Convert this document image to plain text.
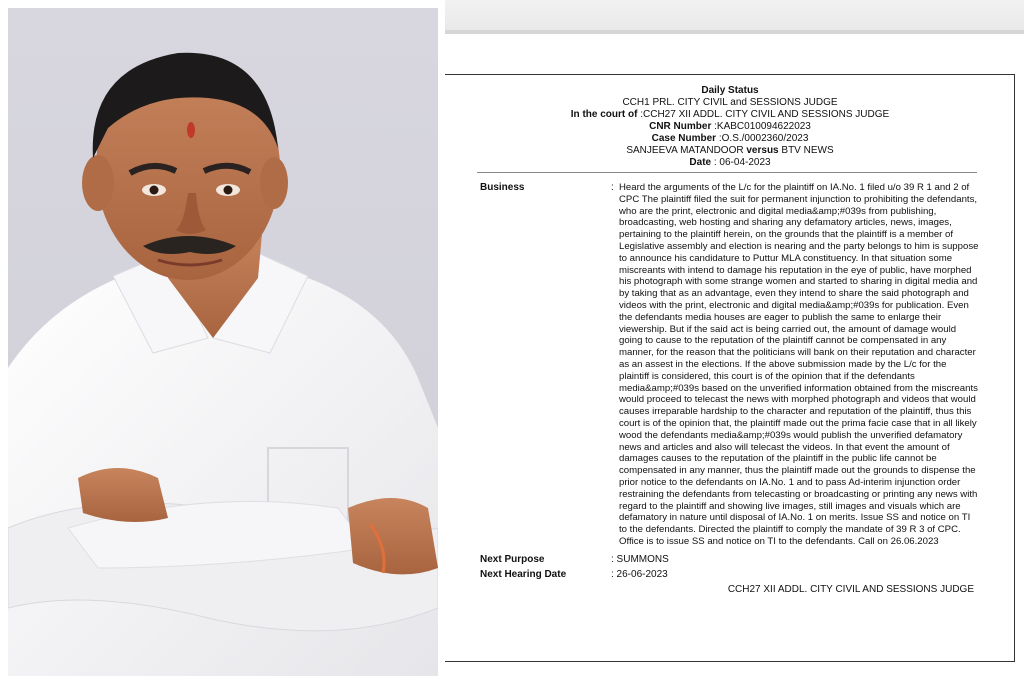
Daily Status
CCH1 PRL. CITY CIVIL and SESSIONS JUDGE
In the court of :CCH27 XII ADDL. CITY CIVIL AND SESSIONS JUDGE
CNR Number :KABC010094622023
Case Number :O.S./0002360/2023
SANJEEVA MATANDOOR versus BTV NEWS
Date : 06-04-2023
Business	: Heard the arguments of the L/c for the plaintiff on IA.No. 1 filed u/o 39 R 1 and 2 of CPC The plaintiff filed the suit for permanent injunction to prohibiting the defendants, who are the print, electronic and digital media&amp;#039s from publishing, broadcasting, web hosting and sharing any defamatory articles, news, images, pertaining to the plaintiff herein, on the grounds that the plaintiff is a member of Legislative assembly and election is nearing and the party belongs to him is suppose to announce his candidature to Puttur MLA constituency. In that situation some miscreants with intend to damage his reputation in the eye of public, have morphed his photograph with some strange women and started to sharing in digital media and by taking that as an advantage, even they intend to share the said photograph and videos with the print, electronic and digital media&amp;#039s for publication. Even the defendants media houses are eager to publish the same to enlarge their viewership. But if the said act is being carried out, the amount of damage would going to cause to the reputation of the plaintiff cannot be compensated in any manner, for the reason that the politicians will bank on their reputation and character as an assest in the elections. If the above submission made by the L/c for the plaintiff is considered, this court is of the opinion that if the defendants media&amp;#039s based on the unverified information obtained from the miscreants would proceed to telecast the news with morphed photograph and videos that would causes irreparable hardship to the character and reputation of the plaintiff, thus this court is of the opinion that, the plaintiff made out the prima facie case that in all likely wood the defendants media&amp;#039s would publish the unverified defamatory news and articles and also will telecast the videos. In that event the amount of damages causes to the reputation of the plaintiff in the public life cannot be compensated in any manner, thus the plaintiff made out the grounds to dispense the prior notice to the defendants on IA.No. 1 and to pass Ad-interim injunction order restraining the defendants from telecasting or broadcasting or printing any news with regard to the plaintiff and showing live images, still images and visuals which are defamatory in nature until disposal of IA.No. 1 on merits. Issue SS and notice on TI to the defendants. Directed the plaintiff to comply the mandate of 39 R 3 of CPC. Office is to issue SS and notice on TI to the defendants. Call on 26.06.2023
Next Purpose	: SUMMONS
Next Hearing Date	: 26-06-2023
CCH27 XII ADDL. CITY CIVIL AND SESSIONS JUDGE
